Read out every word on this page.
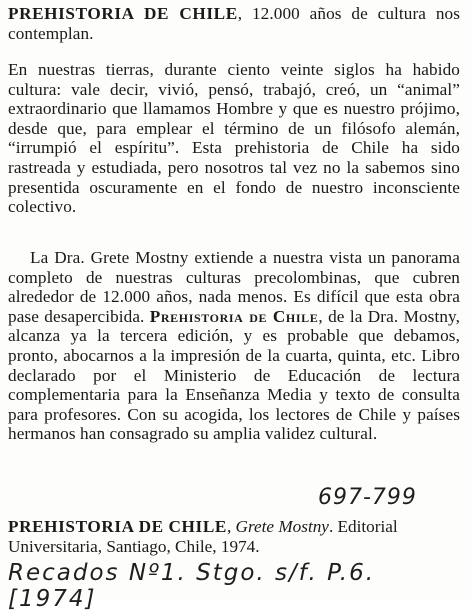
PREHISTORIA DE CHILE, 12.000 años de cultura nos contemplan.
En nuestras tierras, durante ciento veinte siglos ha habido cultura: vale decir, vivió, pensó, trabajó, creó, un “animal” extraordinario que llamamos Hombre y que es nuestro prójimo, desde que, para emplear el término de un filósofo alemán, “irrumpió el espíritu”. Esta prehistoria de Chile ha sido rastreada y estudiada, pero nosotros tal vez no la sabemos sino presentida oscuramente en el fondo de nuestro inconsciente colectivo.
La Dra. Grete Mostny extiende a nuestra vista un panorama completo de nuestras culturas precolombinas, que cubren alrededor de 12.000 años, nada menos. Es difícil que esta obra pase desapercibida. Prehistoria de Chile, de la Dra. Mostny, alcanza ya la tercera edición, y es probable que debamos, pronto, abocarnos a la impresión de la cuarta, quinta, etc. Libro declarado por el Ministerio de Educación de lectura complementaria para la Enseñanza Media y texto de consulta para profesores. Con su acogida, los lectores de Chile y países hermanos han consagrado su amplia validez cultural.
697-799
PREHISTORIA DE CHILE, Grete Mostny. Editorial Universitaria, Santiago, Chile, 1974.
Recados Nº1. Stgo. s/f. P.6. [1974]
